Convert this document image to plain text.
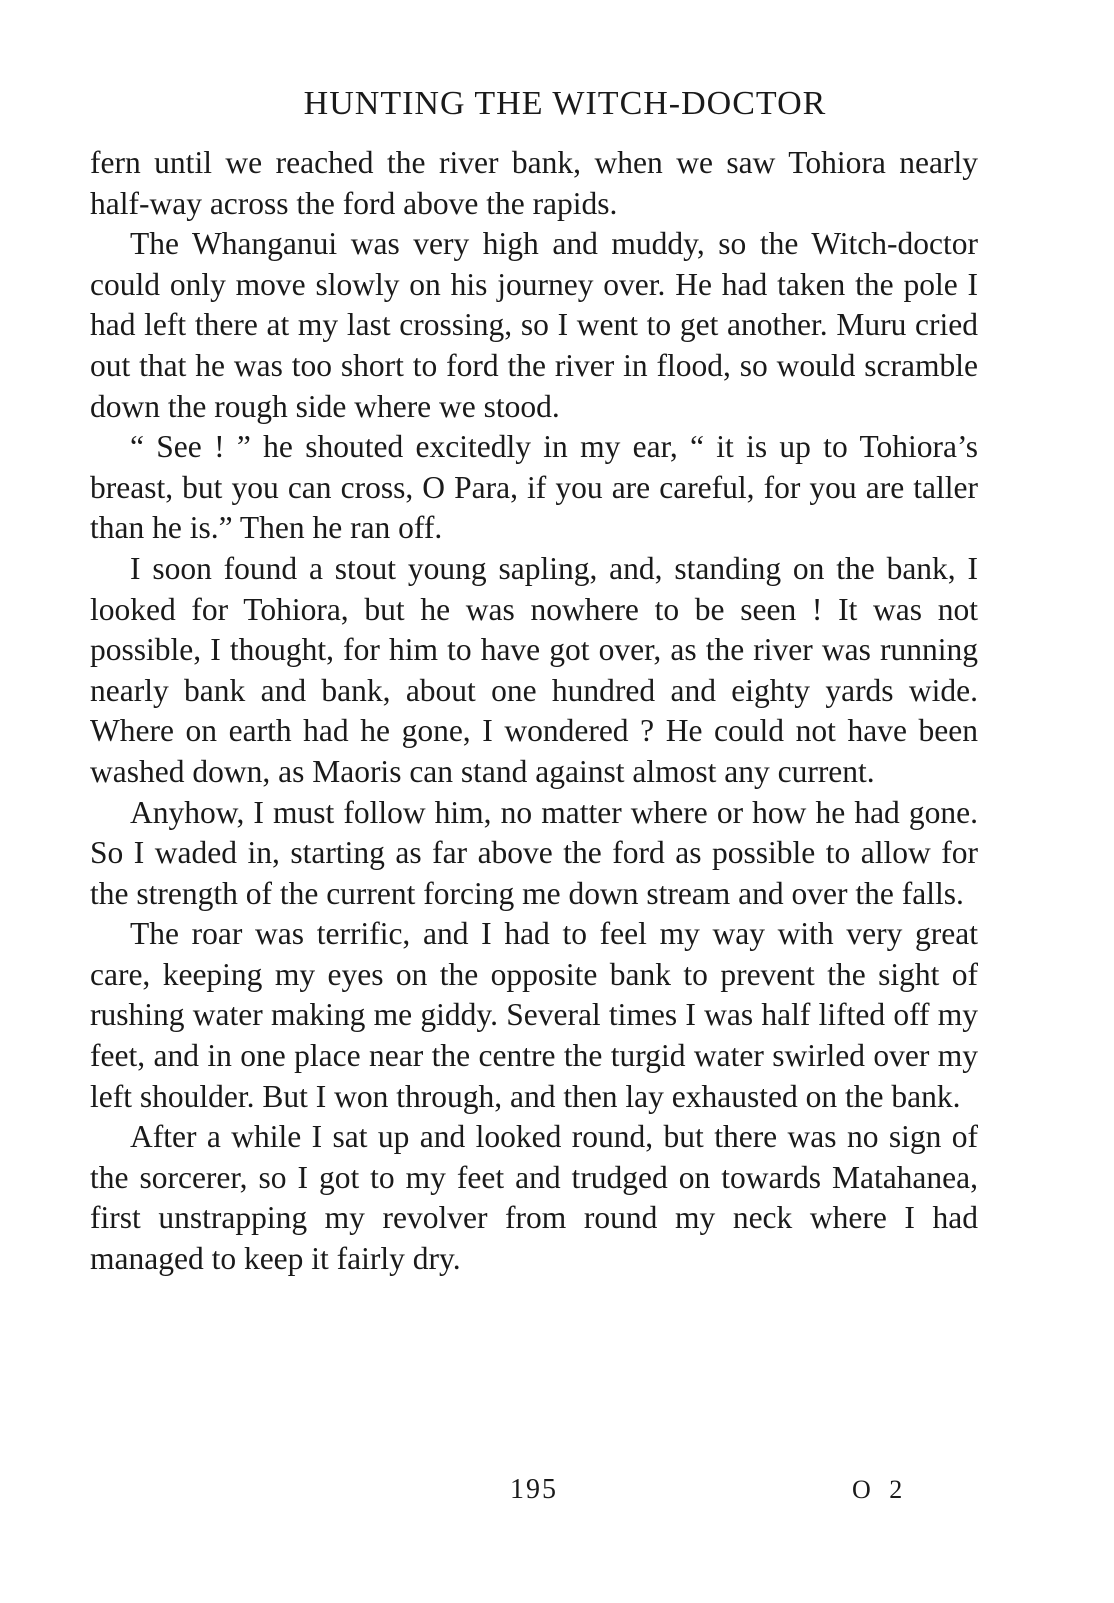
HUNTING THE WITCH-DOCTOR

fern until we reached the river bank, when we saw Tohiora nearly half-way across the ford above the rapids.

The Whanganui was very high and muddy, so the Witch-doctor could only move slowly on his journey over. He had taken the pole I had left there at my last crossing, so I went to get another. Muru cried out that he was too short to ford the river in flood, so would scramble down the rough side where we stood.

“ See ! ” he shouted excitedly in my ear, “ it is up to Tohiora’s breast, but you can cross, O Para, if you are careful, for you are taller than he is.” Then he ran off.

I soon found a stout young sapling, and, standing on the bank, I looked for Tohiora, but he was nowhere to be seen ! It was not possible, I thought, for him to have got over, as the river was running nearly bank and bank, about one hundred and eighty yards wide. Where on earth had he gone, I wondered ? He could not have been washed down, as Maoris can stand against almost any current.

Anyhow, I must follow him, no matter where or how he had gone. So I waded in, starting as far above the ford as possible to allow for the strength of the current forcing me down stream and over the falls.

The roar was terrific, and I had to feel my way with very great care, keeping my eyes on the opposite bank to prevent the sight of rushing water making me giddy. Several times I was half lifted off my feet, and in one place near the centre the turgid water swirled over my left shoulder. But I won through, and then lay exhausted on the bank.

After a while I sat up and looked round, but there was no sign of the sorcerer, so I got to my feet and trudged on towards Matahanea, first unstrapping my revolver from round my neck where I had managed to keep it fairly dry.

195	O 2
